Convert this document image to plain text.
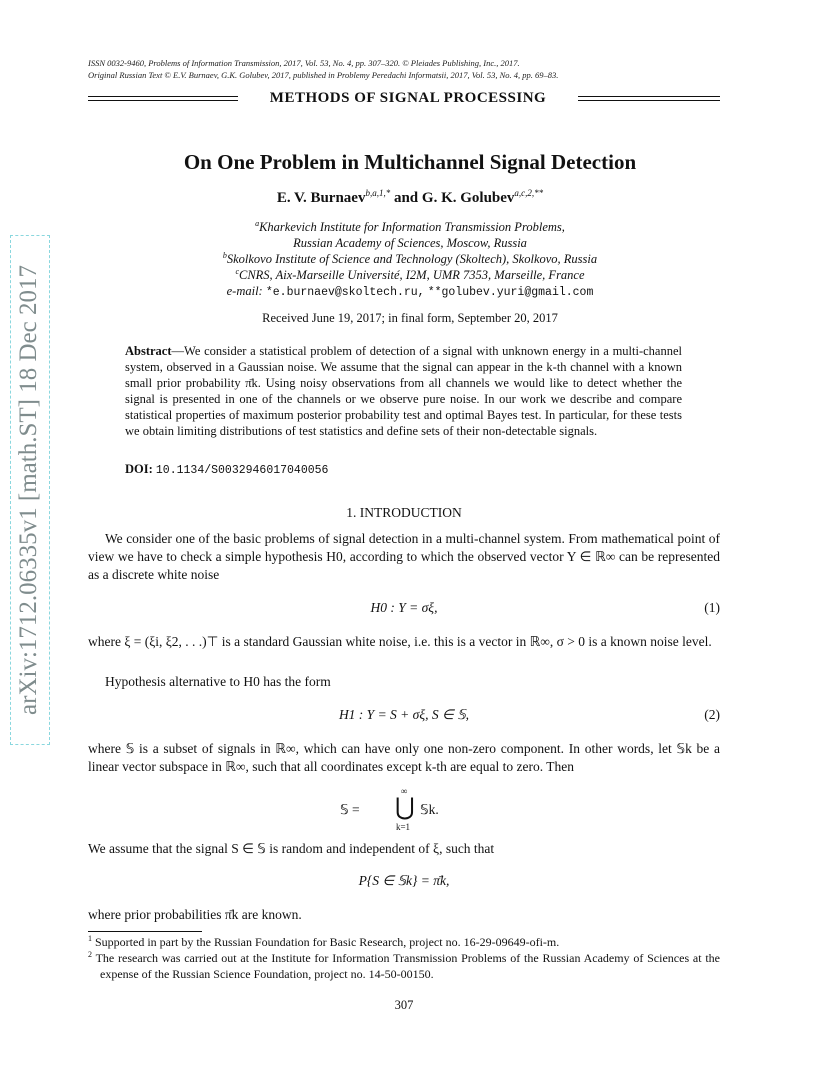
ISSN 0032-9460, Problems of Information Transmission, 2017, Vol. 53, No. 4, pp. 307–320. © Pleiades Publishing, Inc., 2017.
Original Russian Text © E.V. Burnaev, G.K. Golubev, 2017, published in Problemy Peredachi Informatsii, 2017, Vol. 53, No. 4, pp. 69–83.
METHODS OF SIGNAL PROCESSING
On One Problem in Multichannel Signal Detection
E. V. Burnaev$^{b,a,1,*}$ and G. K. Golubev$^{a,c,2,**}$
$^a$Kharkevich Institute for Information Transmission Problems,
Russian Academy of Sciences, Moscow, Russia
$^b$Skolkovo Institute of Science and Technology (Skoltech), Skolkovo, Russia
$^c$CNRS, Aix-Marseille Université, I2M, UMR 7353, Marseille, France
e-mail: *e.burnaev@skoltech.ru, **golubev.yuri@gmail.com
Received June 19, 2017; in final form, September 20, 2017
Abstract—We consider a statistical problem of detection of a signal with unknown energy in a multi-channel system, observed in a Gaussian noise. We assume that the signal can appear in the k-th channel with a known small prior probability π̄k. Using noisy observations from all channels we would like to detect whether the signal is presented in one of the channels or we observe pure noise. In our work we describe and compare statistical properties of maximum posterior probability test and optimal Bayes test. In particular, for these tests we obtain limiting distributions of test statistics and define sets of their non-detectable signals.
DOI: 10.1134/S0032946017040056
1. INTRODUCTION
We consider one of the basic problems of signal detection in a multi-channel system. From mathematical point of view we have to check a simple hypothesis H0, according to which the observed vector Y ∈ ℝ∞ can be represented as a discrete white noise
H0 : Y = σξ,	(1)
where ξ = (ξi, ξ2, . . .)⊤ is a standard Gaussian white noise, i.e. this is a vector in ℝ∞, σ > 0 is a known noise level.
Hypothesis alternative to H0 has the form
H1 : Y = S + σξ, S ∈ 𝕊,	(2)
where 𝕊 is a subset of signals in ℝ∞, which can have only one non-zero component. In other words, let 𝕊k be a linear vector subspace in ℝ∞, such that all coordinates except k-th are equal to zero. Then
𝕊 =
∞
⋃
k=1
𝕊k.
We assume that the signal S ∈ 𝕊 is random and independent of ξ, such that
P{S ∈ 𝕊k} = π̄k,
where prior probabilities π̄k are known.
$^1$ Supported in part by the Russian Foundation for Basic Research, project no. 16-29-09649-ofi-m.
$^2$ The research was carried out at the Institute for Information Transmission Problems of the Russian Academy of Sciences at the expense of the Russian Science Foundation, project no. 14-50-00150.
307
arXiv:1712.06335v1 [math.ST] 18 Dec 2017
